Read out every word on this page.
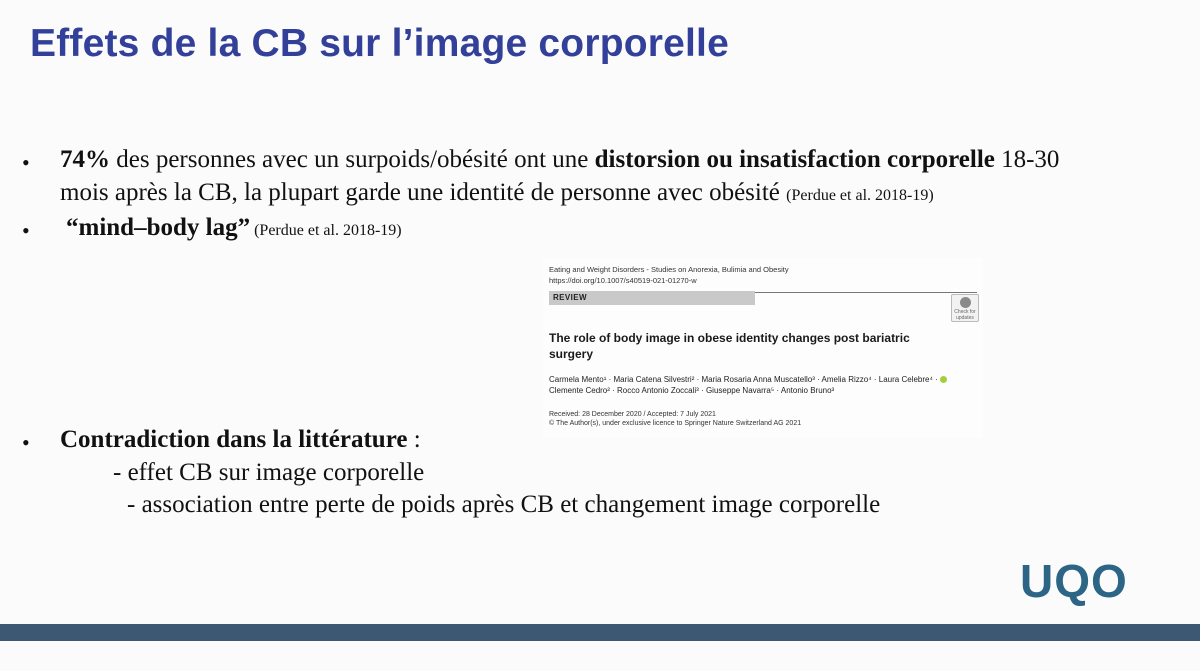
Effets de la CB sur l’image corporelle
• 74% des personnes avec un surpoids/obésité ont une distorsion ou insatisfaction corporelle 18-30
mois après la CB, la plupart garde une identité de personne avec obésité (Perdue et al. 2018-19)
• “mind–body lag” (Perdue et al. 2018-19)
• Contradiction dans la littérature :
- effet CB sur image corporelle
- association entre perte de poids après CB et changement image corporelle
Eating and Weight Disorders - Studies on Anorexia, Bulimia and Obesity
https://doi.org/10.1007/s40519-021-01270-w
REVIEW
Check for updates
The role of body image in obese identity changes post bariatric surgery
Carmela Mento¹ · Maria Catena Silvestri² · Maria Rosaria Anna Muscatello³ · Amelia Rizzo⁴ · Laura Celebre⁴ ·
Clemente Cedro² · Rocco Antonio Zoccali³ · Giuseppe Navarra⁵ · Antonio Bruno³
Received: 28 December 2020 / Accepted: 7 July 2021
© The Author(s), under exclusive licence to Springer Nature Switzerland AG 2021
UQO
